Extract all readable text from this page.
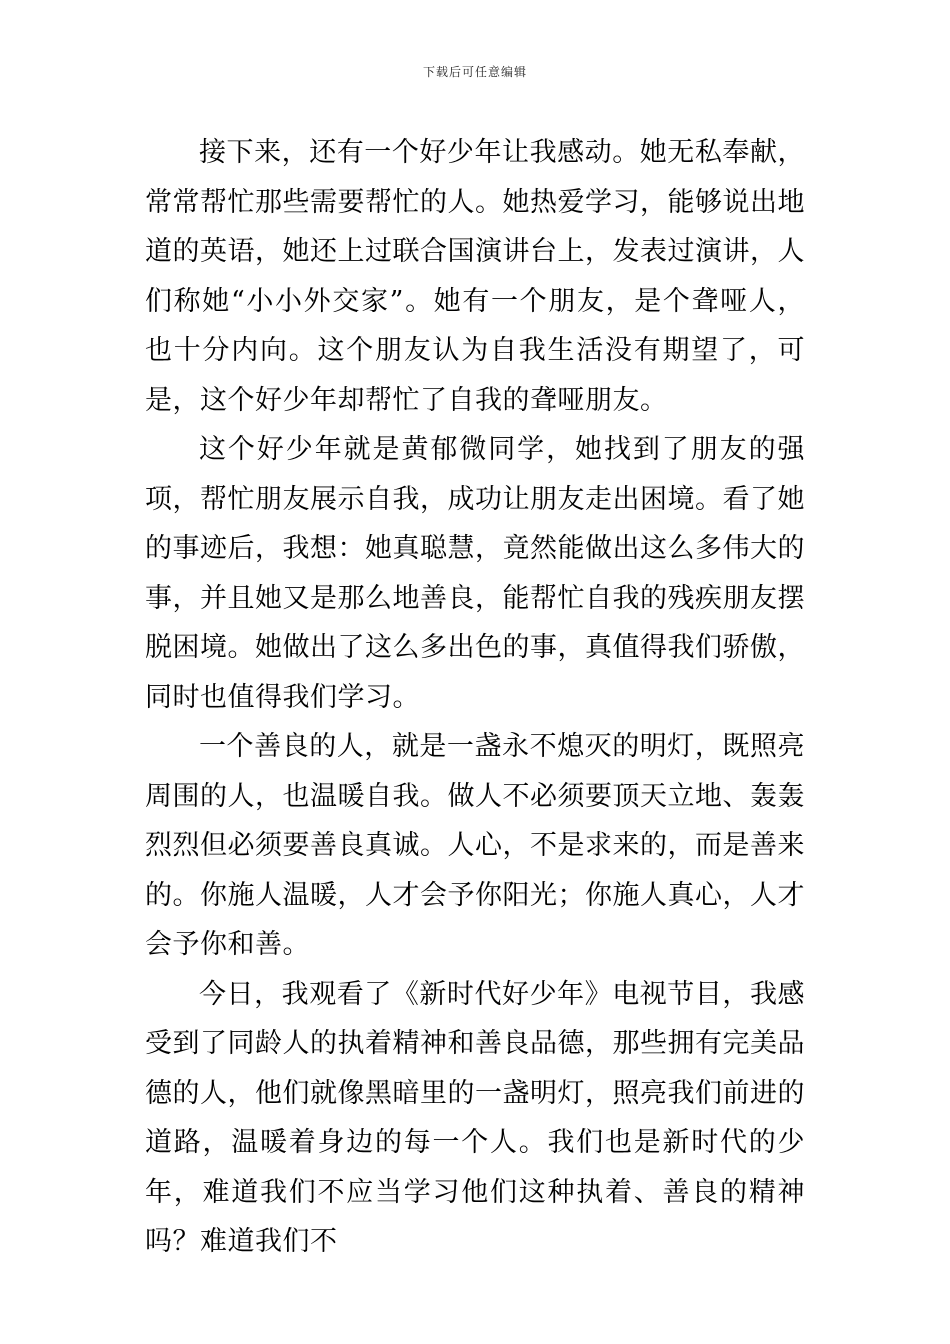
下载后可任意编辑

接下来，还有一个好少年让我感动。她无私奉献，常常帮忙那些需要帮忙的人。她热爱学习，能够说出地道的英语，她还上过联合国演讲台上，发表过演讲，人们称她“小小外交家”。她有一个朋友，是个聋哑人，也十分内向。这个朋友认为自我生活没有期望了，可是，这个好少年却帮忙了自我的聋哑朋友。

这个好少年就是黄郁微同学，她找到了朋友的强项，帮忙朋友展示自我，成功让朋友走出困境。看了她的事迹后，我想：她真聪慧，竟然能做出这么多伟大的事，并且她又是那么地善良，能帮忙自我的残疾朋友摆脱困境。她做出了这么多出色的事，真值得我们骄傲，同时也值得我们学习。

一个善良的人，就是一盏永不熄灭的明灯，既照亮周围的人，也温暖自我。做人不必须要顶天立地、轰轰烈烈但必须要善良真诚。人心，不是求来的，而是善来的。你施人温暖，人才会予你阳光；你施人真心，人才会予你和善。

今日，我观看了《新时代好少年》电视节目，我感受到了同龄人的执着精神和善良品德，那些拥有完美品德的人，他们就像黑暗里的一盏明灯，照亮我们前进的道路，温暖着身边的每一个人。我们也是新时代的少年，难道我们不应当学习他们这种执着、善良的精神吗？难道我们不
